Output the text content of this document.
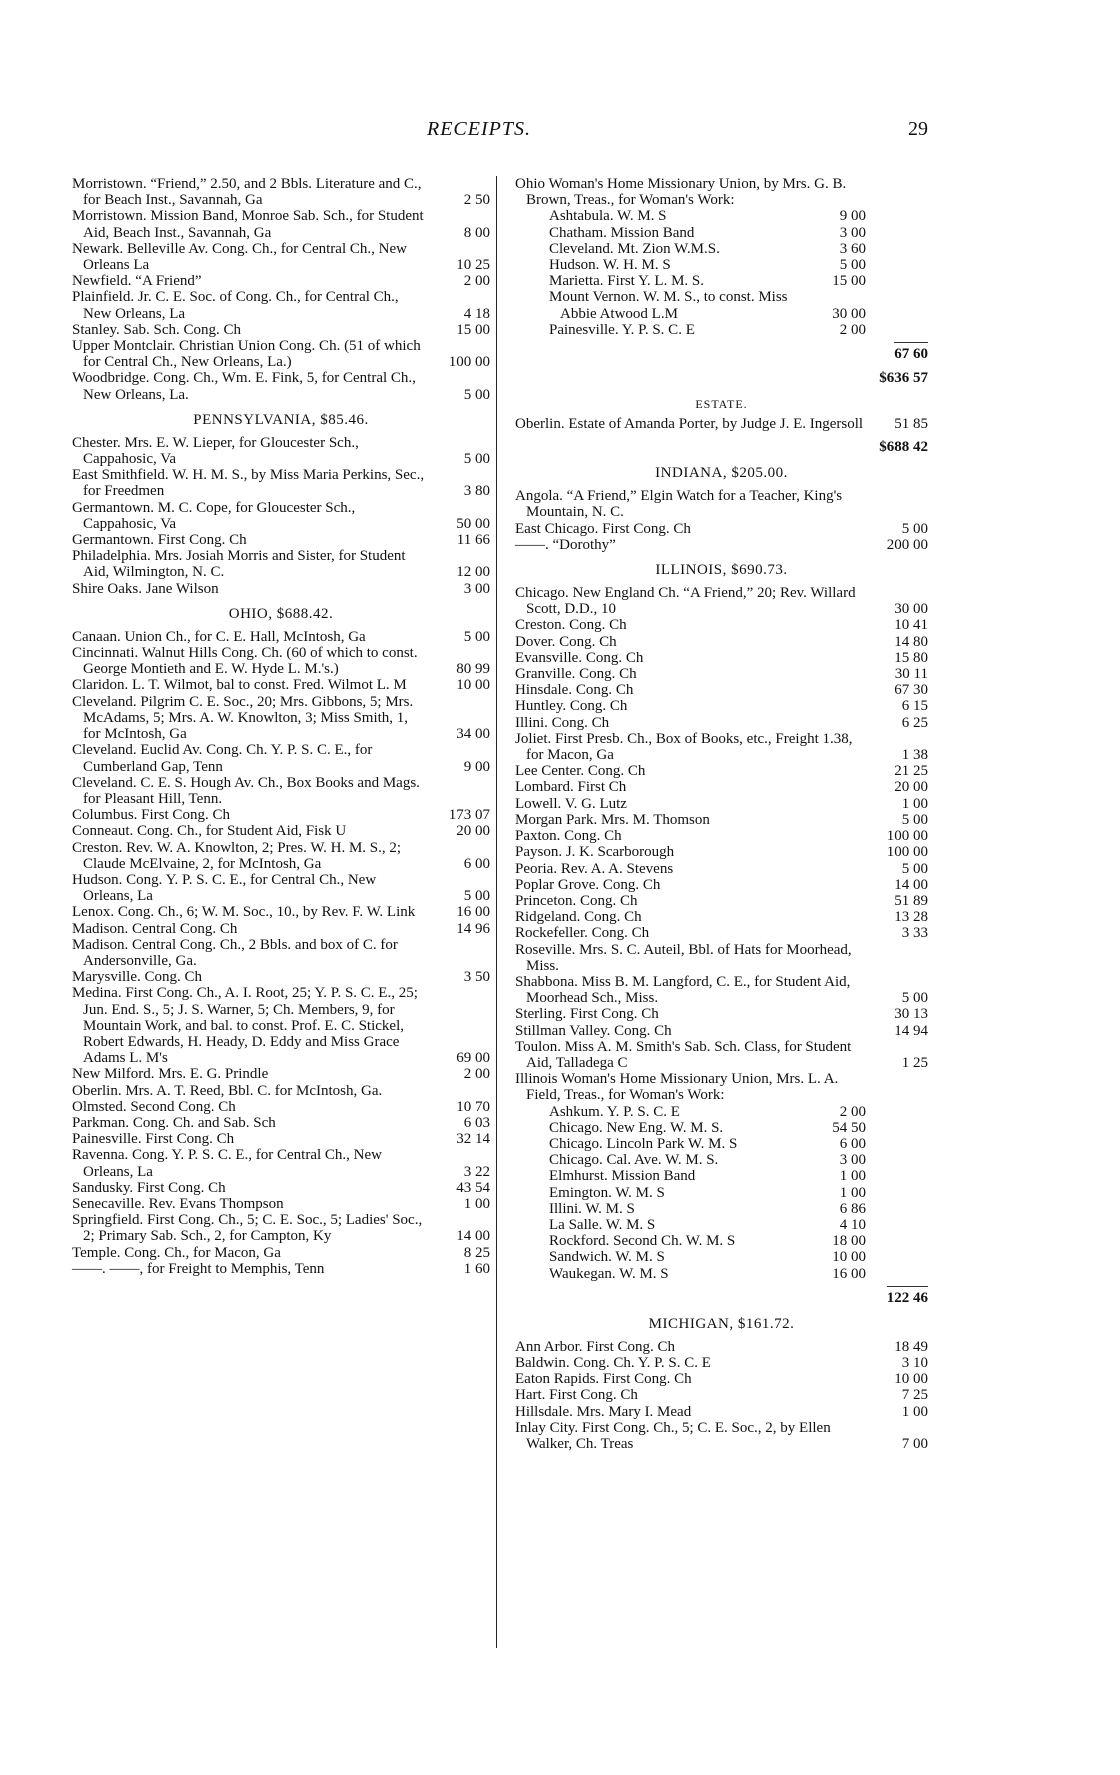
RECEIPTS.	29
Morristown. “Friend,” 2.50, and 2 Bbls. Literature and C., for Beach Inst., Savannah, Ga	2 50
Morristown. Mission Band, Monroe Sab. Sch., for Student Aid, Beach Inst., Savannah, Ga	8 00
Newark. Belleville Av. Cong. Ch., for Central Ch., New Orleans La	10 25
Newfield. “A Friend”	2 00
Plainfield. Jr. C. E. Soc. of Cong. Ch., for Central Ch., New Orleans, La	4 18
Stanley. Sab. Sch. Cong. Ch	15 00
Upper Montclair. Christian Union Cong. Ch. (51 of which for Central Ch., New Orleans, La.)	100 00
Woodbridge. Cong. Ch., Wm. E. Fink, 5, for Central Ch., New Orleans, La.	5 00
PENNSYLVANIA, $85.46.
Chester. Mrs. E. W. Lieper, for Gloucester Sch., Cappahosic, Va	5 00
East Smithfield. W. H. M. S., by Miss Maria Perkins, Sec., for Freedmen	3 80
Germantown. M. C. Cope, for Gloucester Sch., Cappahosic, Va	50 00
Germantown. First Cong. Ch	11 66
Philadelphia. Mrs. Josiah Morris and Sister, for Student Aid, Wilmington, N. C.	12 00
Shire Oaks. Jane Wilson	3 00
OHIO, $688.42.
Canaan. Union Ch., for C. E. Hall, McIntosh, Ga	5 00
Cincinnati. Walnut Hills Cong. Ch. (60 of which to const. George Montieth and E. W. Hyde L. M.'s.)	80 99
Claridon. L. T. Wilmot, bal to const. Fred. Wilmot L. M	10 00
Cleveland. Pilgrim C. E. Soc., 20; Mrs. Gibbons, 5; Mrs. McAdams, 5; Mrs. A. W. Knowlton, 3; Miss Smith, 1, for McIntosh, Ga	34 00
Cleveland. Euclid Av. Cong. Ch. Y. P. S. C. E., for Cumberland Gap, Tenn	9 00
Cleveland. C. E. S. Hough Av. Ch., Box Books and Mags. for Pleasant Hill, Tenn.
Columbus. First Cong. Ch	173 07
Conneaut. Cong. Ch., for Student Aid, Fisk U	20 00
Creston. Rev. W. A. Knowlton, 2; Pres. W. H. M. S., 2; Claude McElvaine, 2, for McIntosh, Ga	6 00
Hudson. Cong. Y. P. S. C. E., for Central Ch., New Orleans, La	5 00
Lenox. Cong. Ch., 6; W. M. Soc., 10., by Rev. F. W. Link	16 00
Madison. Central Cong. Ch	14 96
Madison. Central Cong. Ch., 2 Bbls. and box of C. for Andersonville, Ga.
Marysville. Cong. Ch	3 50
Medina. First Cong. Ch., A. I. Root, 25; Y. P. S. C. E., 25; Jun. End. S., 5; J. S. Warner, 5; Ch. Members, 9, for Mountain Work, and bal. to const. Prof. E. C. Stickel, Robert Edwards, H. Heady, D. Eddy and Miss Grace Adams L. M's	69 00
New Milford. Mrs. E. G. Prindle	2 00
Oberlin. Mrs. A. T. Reed, Bbl. C. for McIntosh, Ga.
Olmsted. Second Cong. Ch	10 70
Parkman. Cong. Ch. and Sab. Sch	6 03
Painesville. First Cong. Ch	32 14
Ravenna. Cong. Y. P. S. C. E., for Central Ch., New Orleans, La	3 22
Sandusky. First Cong. Ch	43 54
Senecaville. Rev. Evans Thompson	1 00
Springfield. First Cong. Ch., 5; C. E. Soc., 5; Ladies' Soc., 2; Primary Sab. Sch., 2, for Campton, Ky	14 00
Temple. Cong. Ch., for Macon, Ga	8 25
——. ——, for Freight to Memphis, Tenn	1 60
Ohio Woman's Home Missionary Union, by Mrs. G. B. Brown, Treas., for Woman's Work:
Ashtabula. W. M. S	9 00
Chatham. Mission Band	3 00
Cleveland. Mt. Zion W.M.S.	3 60
Hudson. W. H. M. S	5 00
Marietta. First Y. L. M. S.	15 00
Mount Vernon. W. M. S., to const. Miss Abbie Atwood L.M	30 00
Painesville. Y. P. S. C. E	2 00
67 60
$636 57
ESTATE.
Oberlin. Estate of Amanda Porter, by Judge J. E. Ingersoll	51 85
$688 42
INDIANA, $205.00.
Angola. “A Friend,” Elgin Watch for a Teacher, King's Mountain, N. C.
East Chicago. First Cong. Ch	5 00
——. “Dorothy”	200 00
ILLINOIS, $690.73.
Chicago. New England Ch. “A Friend,” 20; Rev. Willard Scott, D.D., 10	30 00
Creston. Cong. Ch	10 41
Dover. Cong. Ch	14 80
Evansville. Cong. Ch	15 80
Granville. Cong. Ch	30 11
Hinsdale. Cong. Ch	67 30
Huntley. Cong. Ch	6 15
Illini. Cong. Ch	6 25
Joliet. First Presb. Ch., Box of Books, etc., Freight 1.38, for Macon, Ga	1 38
Lee Center. Cong. Ch	21 25
Lombard. First Ch	20 00
Lowell. V. G. Lutz	1 00
Morgan Park. Mrs. M. Thomson	5 00
Paxton. Cong. Ch	100 00
Payson. J. K. Scarborough	100 00
Peoria. Rev. A. A. Stevens	5 00
Poplar Grove. Cong. Ch	14 00
Princeton. Cong. Ch	51 89
Ridgeland. Cong. Ch	13 28
Rockefeller. Cong. Ch	3 33
Roseville. Mrs. S. C. Auteil, Bbl. of Hats for Moorhead, Miss.
Shabbona. Miss B. M. Langford, C. E., for Student Aid, Moorhead Sch., Miss.	5 00
Sterling. First Cong. Ch	30 13
Stillman Valley. Cong. Ch	14 94
Toulon. Miss A. M. Smith's Sab. Sch. Class, for Student Aid, Talladega C	1 25
Illinois Woman's Home Missionary Union, Mrs. L. A. Field, Treas., for Woman's Work:
Ashkum. Y. P. S. C. E	2 00
Chicago. New Eng. W. M. S.	54 50
Chicago. Lincoln Park W. M. S	6 00
Chicago. Cal. Ave. W. M. S.	3 00
Elmhurst. Mission Band	1 00
Emington. W. M. S	1 00
Illini. W. M. S	6 86
La Salle. W. M. S	4 10
Rockford. Second Ch. W. M. S	18 00
Sandwich. W. M. S	10 00
Waukegan. W. M. S	16 00
122 46
MICHIGAN, $161.72.
Ann Arbor. First Cong. Ch	18 49
Baldwin. Cong. Ch. Y. P. S. C. E	3 10
Eaton Rapids. First Cong. Ch	10 00
Hart. First Cong. Ch	7 25
Hillsdale. Mrs. Mary I. Mead	1 00
Inlay City. First Cong. Ch., 5; C. E. Soc., 2, by Ellen Walker, Ch. Treas	7 00
